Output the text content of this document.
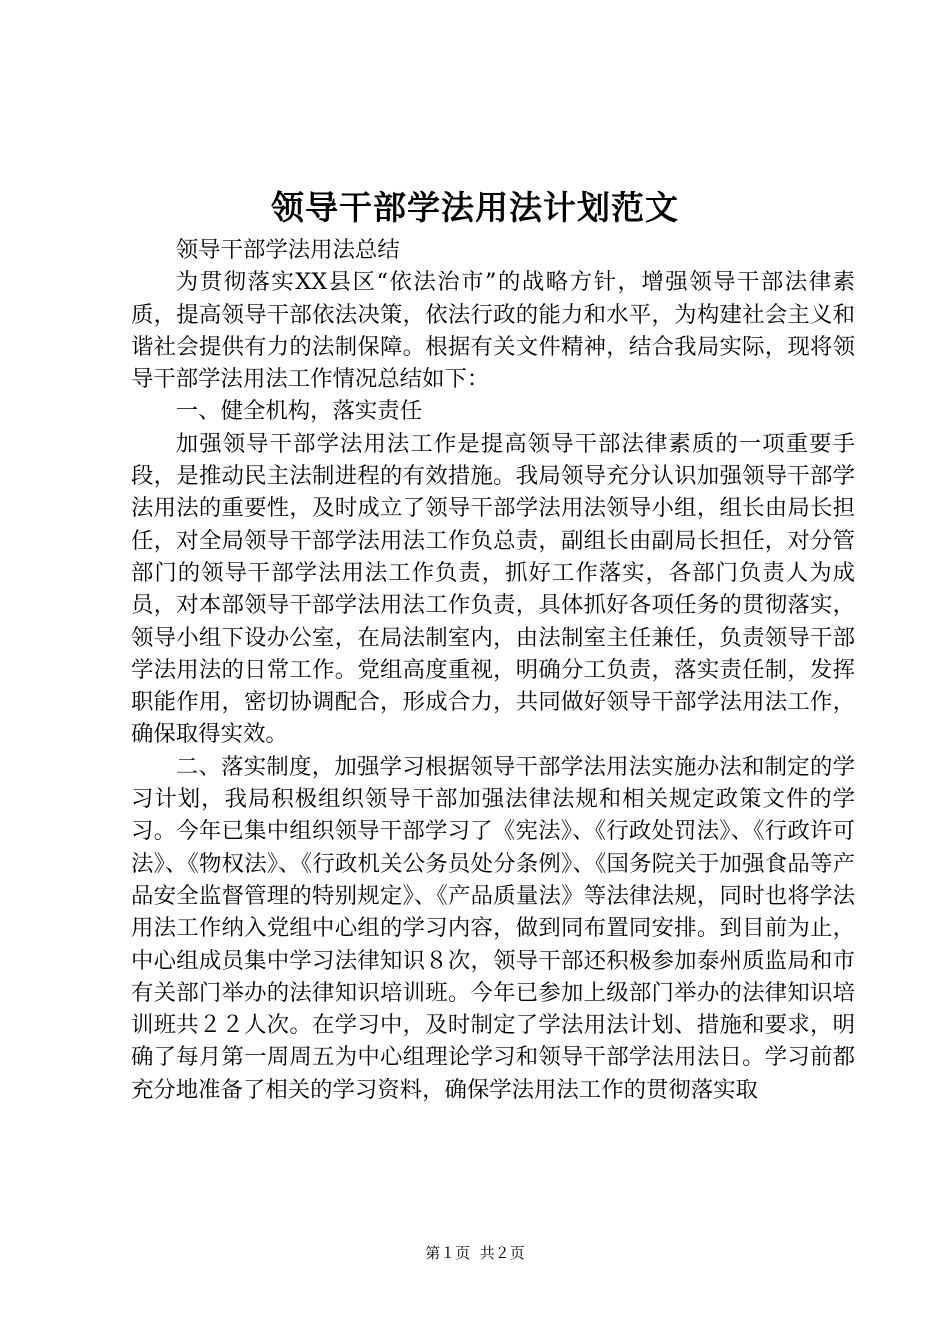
领导干部学法用法计划范文

领导干部学法用法总结

为贯彻落实XX县区“依法治市”的战略方针，增强领导干部法律素质，提高领导干部依法决策，依法行政的能力和水平，为构建社会主义和谐社会提供有力的法制保障。根据有关文件精神，结合我局实际，现将领导干部学法用法工作情况总结如下：

一、健全机构，落实责任

加强领导干部学法用法工作是提高领导干部法律素质的一项重要手段，是推动民主法制进程的有效措施。我局领导充分认识加强领导干部学法用法的重要性，及时成立了领导干部学法用法领导小组，组长由局长担任，对全局领导干部学法用法工作负总责，副组长由副局长担任，对分管部门的领导干部学法用法工作负责，抓好工作落实，各部门负责人为成员，对本部领导干部学法用法工作负责，具体抓好各项任务的贯彻落实，领导小组下设办公室，在局法制室内，由法制室主任兼任，负责领导干部学法用法的日常工作。党组高度重视，明确分工负责，落实责任制，发挥职能作用，密切协调配合，形成合力，共同做好领导干部学法用法工作，确保取得实效。

二、落实制度，加强学习根据领导干部学法用法实施办法和制定的学习计划，我局积极组织领导干部加强法律法规和相关规定政策文件的学习。今年已集中组织领导干部学习了《宪法》、《行政处罚法》、《行政许可法》、《物权法》、《行政机关公务员处分条例》、《国务院关于加强食品等产品安全监督管理的特别规定》、《产品质量法》等法律法规，同时也将学法用法工作纳入党组中心组的学习内容，做到同布置同安排。到目前为止，中心组成员集中学习法律知识８次，领导干部还积极参加泰州质监局和市有关部门举办的法律知识培训班。今年已参加上级部门举办的法律知识培训班共２２人次。在学习中，及时制定了学法用法计划、措施和要求，明确了每月第一周周五为中心组理论学习和领导干部学法用法日。学习前都充分地准备了相关的学习资料，确保学法用法工作的贯彻落实取

第１页  共２页
